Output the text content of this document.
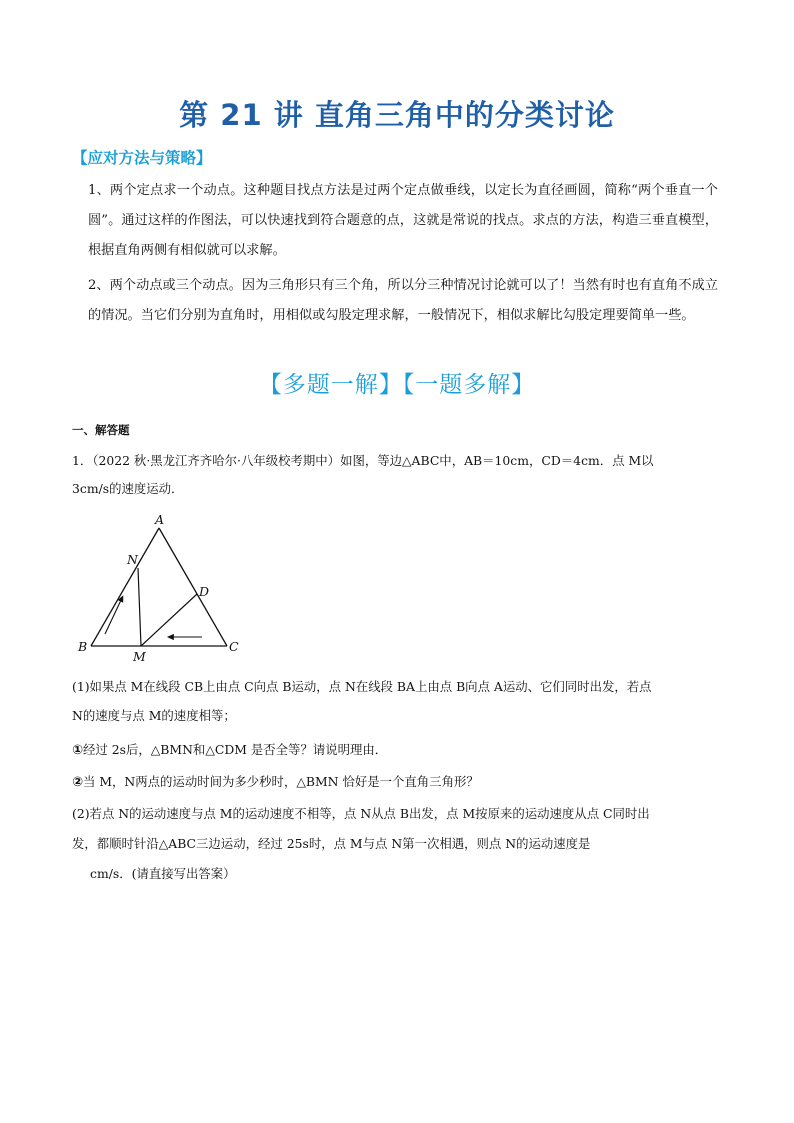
第 21 讲 直角三角中的分类讨论
【应对方法与策略】
1、两个定点求一个动点。这种题目找点方法是过两个定点做垂线，以定长为直径画圆，简称“两个垂直一个圆”。通过这样的作图法，可以快速找到符合题意的点，这就是常说的找点。求点的方法，构造三垂直模型，根据直角两侧有相似就可以求解。
2、两个动点或三个动点。因为三角形只有三个角，所以分三种情况讨论就可以了！当然有时也有直角不成立的情况。当它们分别为直角时，用相似或勾股定理求解，一般情况下，相似求解比勾股定理要简单一些。
【多题一解】【一题多解】
一、解答题
1．（2022 秋·黑龙江齐齐哈尔·八年级校考期中）如图，等边△ABC中，AB＝10cm，CD＝4cm．点 M以
3cm/s的速度运动．
A
B	C
D
M
N
(1)如果点 M在线段 CB上由点 C向点 B运动，点 N在线段 BA上由点 B向点 A运动、它们同时出发，若点
N的速度与点 M的速度相等；
①经过 2s后，△BMN和△CDM 是否全等？请说明理由．
②当 M，N两点的运动时间为多少秒时，△BMN 恰好是一个直角三角形？
(2)若点 N的运动速度与点 M的运动速度不相等，点 N从点 B出发，点 M按原来的运动速度从点 C同时出
发，都顺时针沿△ABC三边运动，经过 25s时，点 M与点 N第一次相遇，则点 N的运动速度是
cm/s．(请直接写出答案）
